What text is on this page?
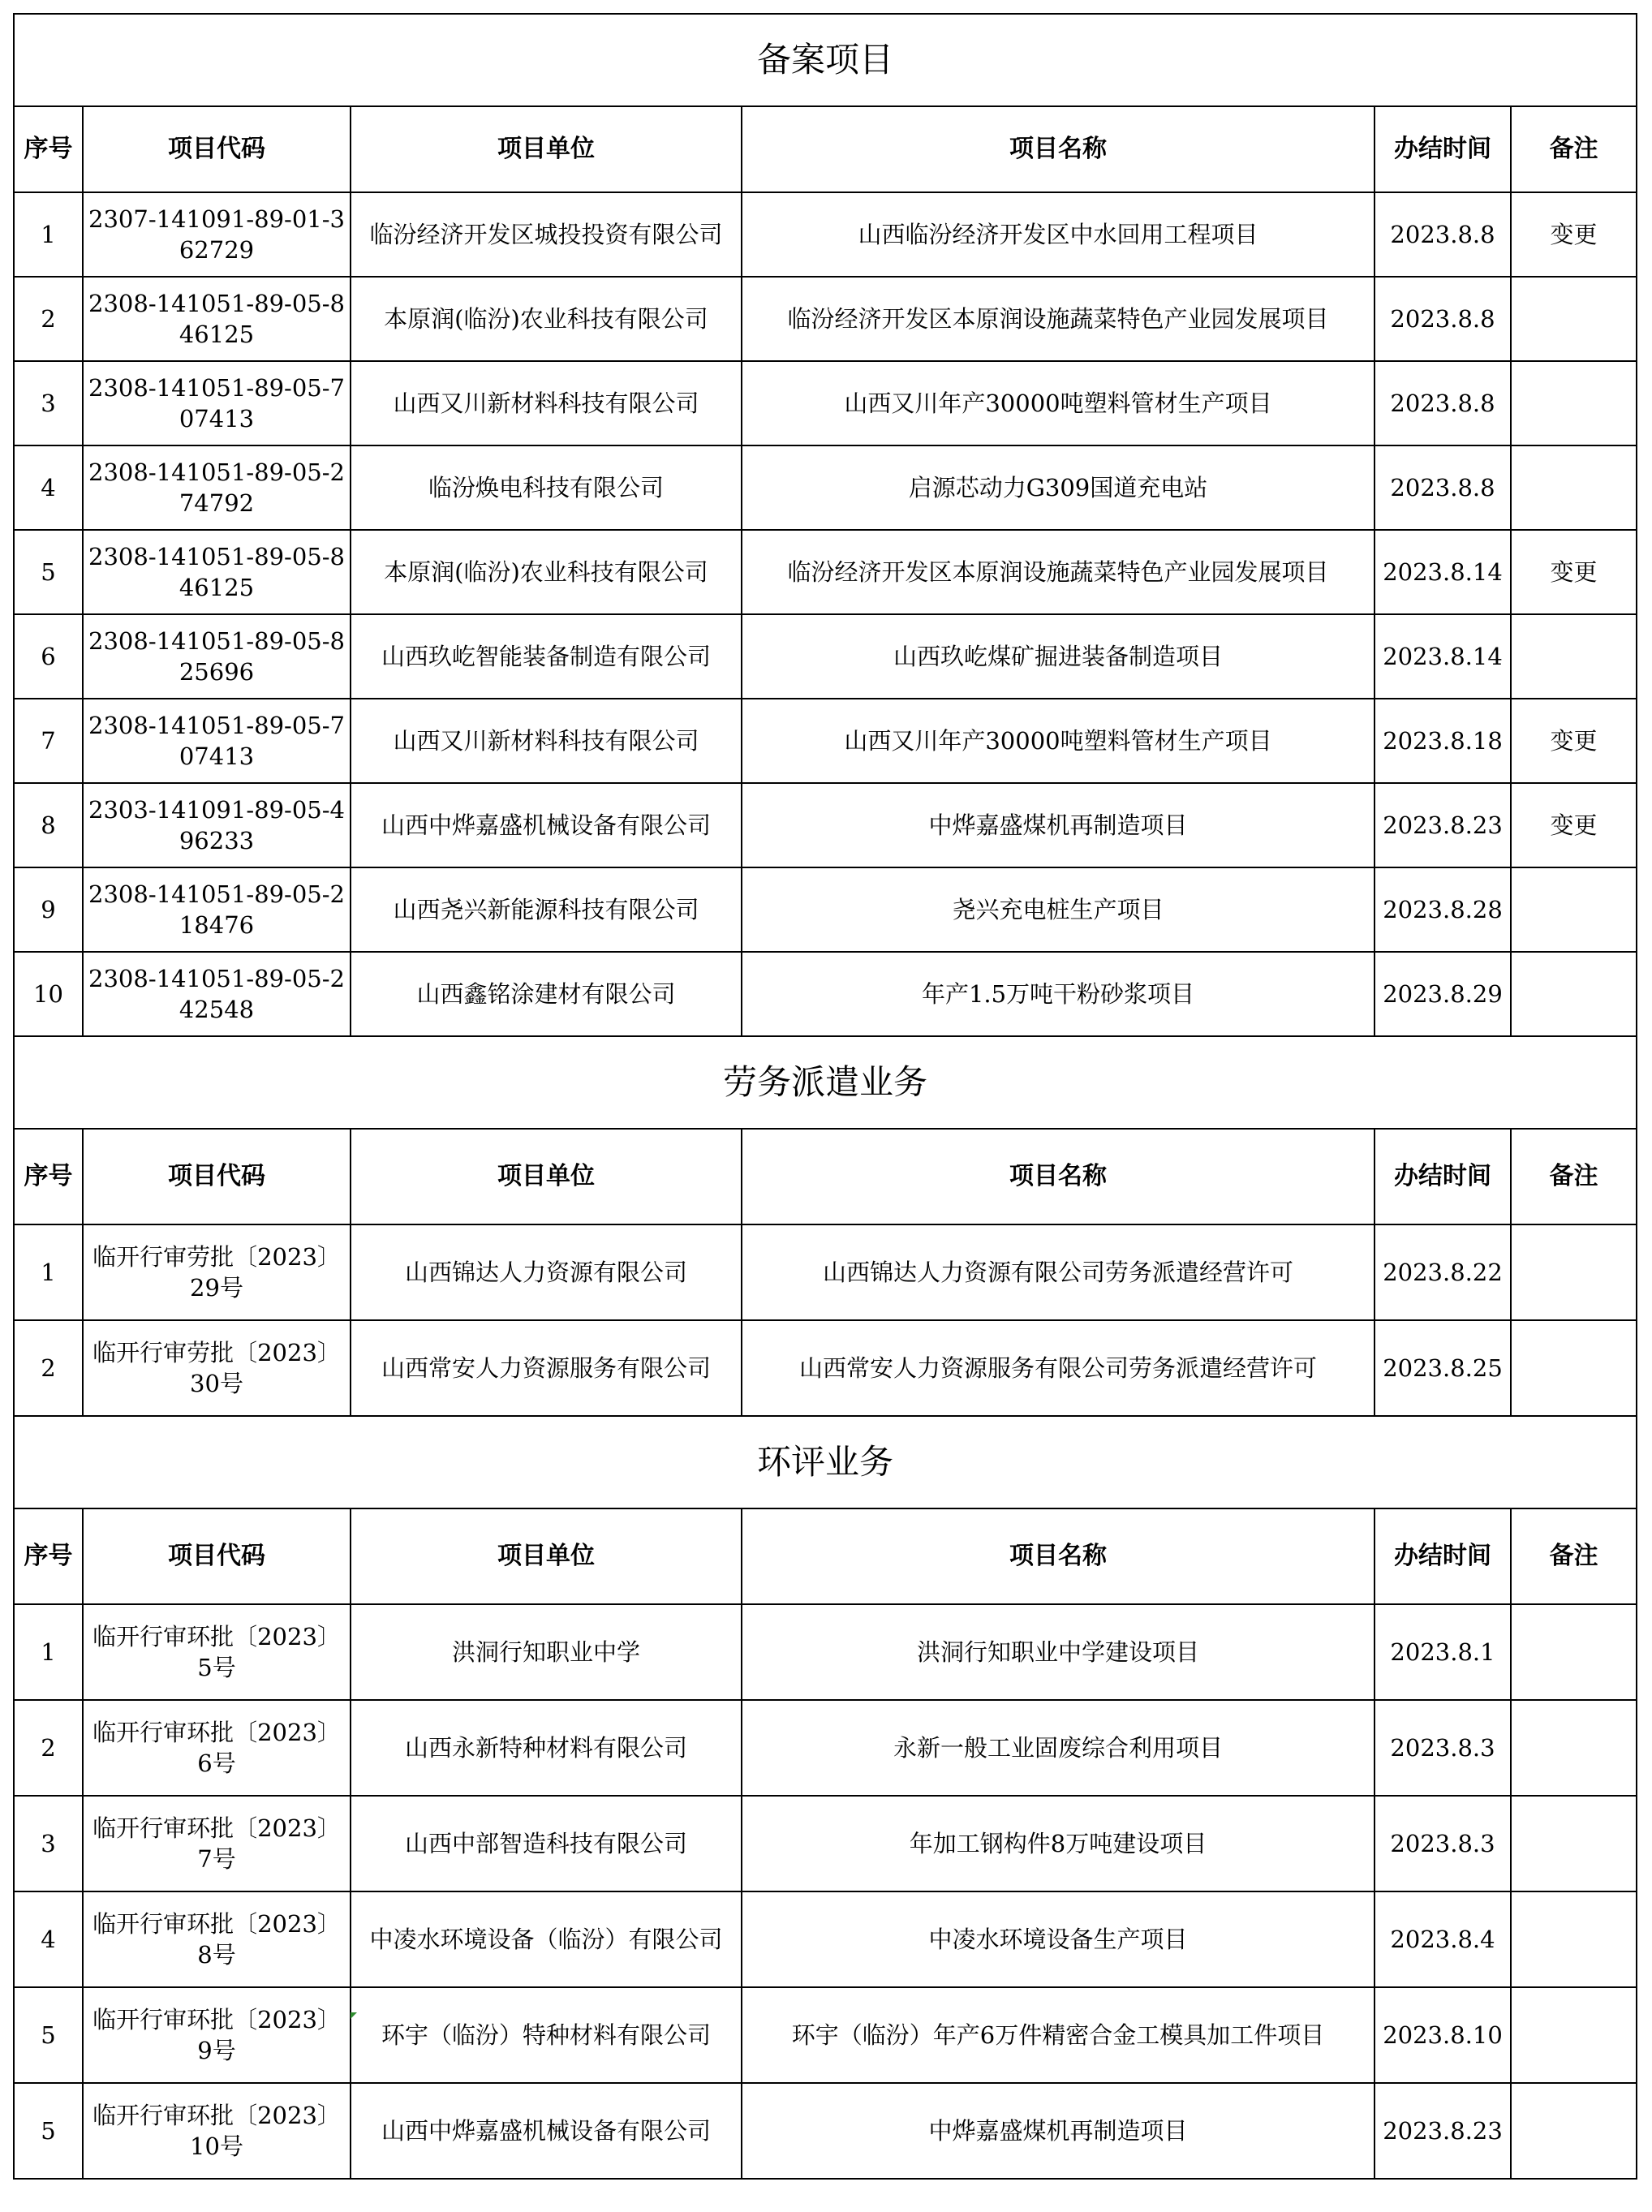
备案项目					
序号	项目代码	项目单位	项目名称	办结时间	备注
1	2307-141091-89-01-362729	临汾经济开发区城投投资有限公司	山西临汾经济开发区中水回用工程项目	2023.8.8	变更
2	2308-141051-89-05-846125	本原润(临汾)农业科技有限公司	临汾经济开发区本原润设施蔬菜特色产业园发展项目	2023.8.8	
3	2308-141051-89-05-707413	山西又川新材料科技有限公司	山西又川年产30000吨塑料管材生产项目	2023.8.8	
4	2308-141051-89-05-274792	临汾焕电科技有限公司	启源芯动力G309国道充电站	2023.8.8	
5	2308-141051-89-05-846125	本原润(临汾)农业科技有限公司	临汾经济开发区本原润设施蔬菜特色产业园发展项目	2023.8.14	变更
6	2308-141051-89-05-825696	山西玖屹智能装备制造有限公司	山西玖屹煤矿掘进装备制造项目	2023.8.14	
7	2308-141051-89-05-707413	山西又川新材料科技有限公司	山西又川年产30000吨塑料管材生产项目	2023.8.18	变更
8	2303-141091-89-05-496233	山西中烨嘉盛机械设备有限公司	中烨嘉盛煤机再制造项目	2023.8.23	变更
9	2308-141051-89-05-218476	山西尧兴新能源科技有限公司	尧兴充电桩生产项目	2023.8.28	
10	2308-141051-89-05-242548	山西鑫铭涂建材有限公司	年产1.5万吨干粉砂浆项目	2023.8.29	
劳务派遣业务					
序号	项目代码	项目单位	项目名称	办结时间	备注
1	临开行审劳批〔2023〕29号	山西锦达人力资源有限公司	山西锦达人力资源有限公司劳务派遣经营许可	2023.8.22	
2	临开行审劳批〔2023〕30号	山西常安人力资源服务有限公司	山西常安人力资源服务有限公司劳务派遣经营许可	2023.8.25	
环评业务					
序号	项目代码	项目单位	项目名称	办结时间	备注
1	临开行审环批〔2023〕5号	洪洞行知职业中学	洪洞行知职业中学建设项目	2023.8.1	
2	临开行审环批〔2023〕6号	山西永新特种材料有限公司	永新一般工业固废综合利用项目	2023.8.3	
3	临开行审环批〔2023〕7号	山西中部智造科技有限公司	年加工钢构件8万吨建设项目	2023.8.3	
4	临开行审环批〔2023〕8号	中凌水环境设备（临汾）有限公司	中凌水环境设备生产项目	2023.8.4	
5	临开行审环批〔2023〕9号	环宇（临汾）特种材料有限公司	环宇（临汾）年产6万件精密合金工模具加工件项目	2023.8.10	
5	临开行审环批〔2023〕10号	山西中烨嘉盛机械设备有限公司	中烨嘉盛煤机再制造项目	2023.8.23	
